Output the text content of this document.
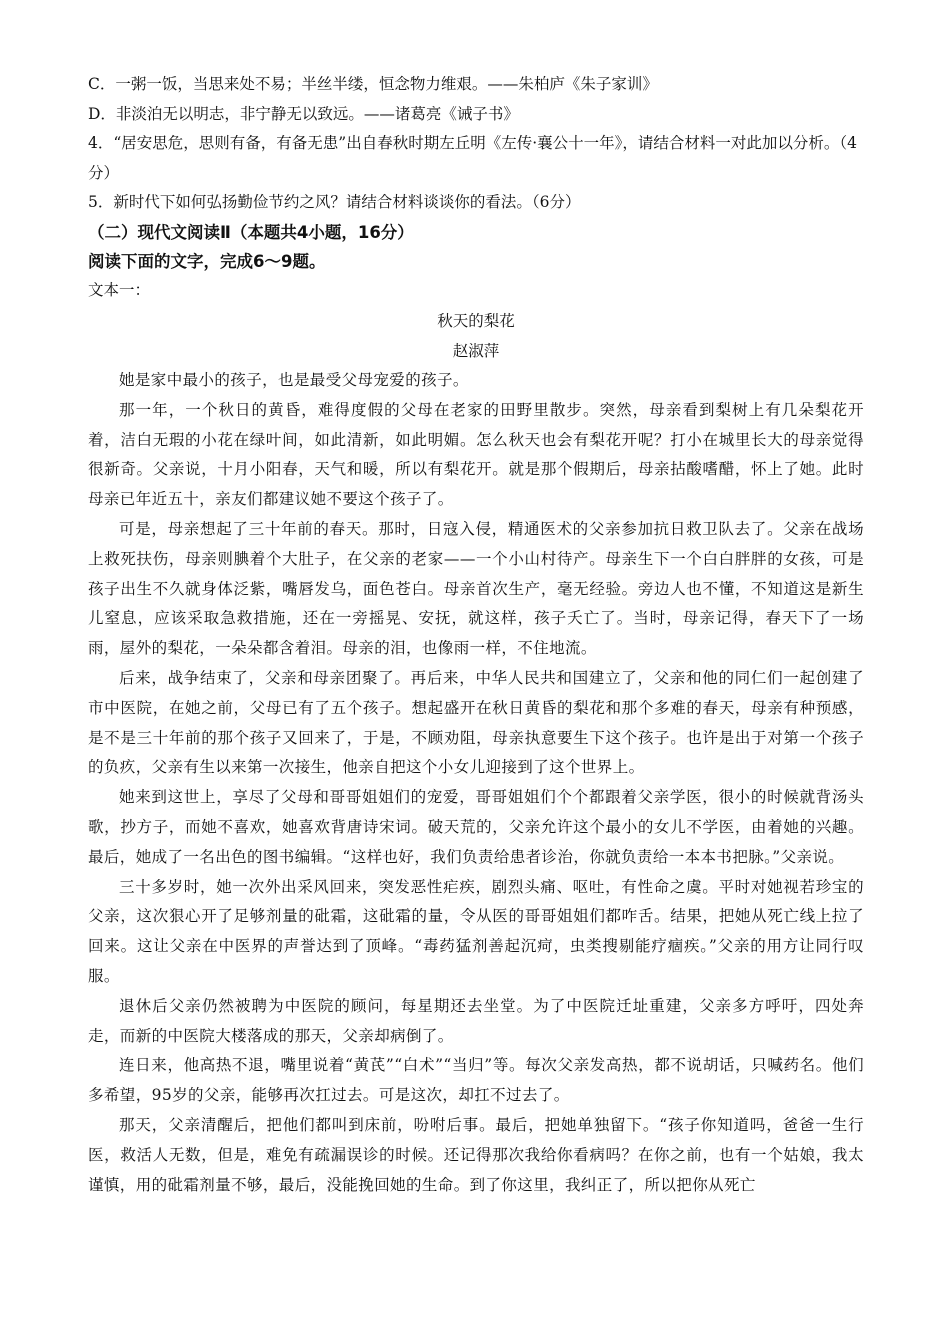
C．一粥一饭，当思来处不易；半丝半缕，恒念物力维艰。——朱柏庐《朱子家训》

D．非淡泊无以明志，非宁静无以致远。——诸葛亮《诫子书》

4．“居安思危，思则有备，有备无患”出自春秋时期左丘明《左传·襄公十一年》，请结合材料一对此加以分析。（4分）

5．新时代下如何弘扬勤俭节约之风？请结合材料谈谈你的看法。（6分）

（二）现代文阅读Ⅱ（本题共4小题，16分）

阅读下面的文字，完成6～9题。

文本一：

秋天的梨花

赵淑萍

她是家中最小的孩子，也是最受父母宠爱的孩子。

那一年，一个秋日的黄昏，难得度假的父母在老家的田野里散步。突然，母亲看到梨树上有几朵梨花开着，洁白无瑕的小花在绿叶间，如此清新，如此明媚。怎么秋天也会有梨花开呢？打小在城里长大的母亲觉得很新奇。父亲说，十月小阳春，天气和暖，所以有梨花开。就是那个假期后，母亲拈酸嗜醋，怀上了她。此时母亲已年近五十，亲友们都建议她不要这个孩子了。

可是，母亲想起了三十年前的春天。那时，日寇入侵，精通医术的父亲参加抗日救卫队去了。父亲在战场上救死扶伤，母亲则腆着个大肚子，在父亲的老家——一个小山村待产。母亲生下一个白白胖胖的女孩，可是孩子出生不久就身体泛紫，嘴唇发乌，面色苍白。母亲首次生产，毫无经验。旁边人也不懂，不知道这是新生儿窒息，应该采取急救措施，还在一旁摇晃、安抚，就这样，孩子夭亡了。当时，母亲记得，春天下了一场雨，屋外的梨花，一朵朵都含着泪。母亲的泪，也像雨一样，不住地流。

后来，战争结束了，父亲和母亲团聚了。再后来，中华人民共和国建立了，父亲和他的同仁们一起创建了市中医院，在她之前，父母已有了五个孩子。想起盛开在秋日黄昏的梨花和那个多难的春天，母亲有种预感，是不是三十年前的那个孩子又回来了，于是，不顾劝阻，母亲执意要生下这个孩子。也许是出于对第一个孩子的负疚，父亲有生以来第一次接生，他亲自把这个小女儿迎接到了这个世界上。

她来到这世上，享尽了父母和哥哥姐姐们的宠爱，哥哥姐姐们个个都跟着父亲学医，很小的时候就背汤头歌，抄方子，而她不喜欢，她喜欢背唐诗宋词。破天荒的，父亲允许这个最小的女儿不学医，由着她的兴趣。最后，她成了一名出色的图书编辑。“这样也好，我们负责给患者诊治，你就负责给一本本书把脉。”父亲说。

三十多岁时，她一次外出采风回来，突发恶性疟疾，剧烈头痛、呕吐，有性命之虞。平时对她视若珍宝的父亲，这次狠心开了足够剂量的砒霜，这砒霜的量，令从医的哥哥姐姐们都咋舌。结果，把她从死亡线上拉了回来。这让父亲在中医界的声誉达到了顶峰。“毒药猛剂善起沉疴，虫类搜剔能疗痼疾。”父亲的用方让同行叹服。

退休后父亲仍然被聘为中医院的顾问，每星期还去坐堂。为了中医院迁址重建，父亲多方呼吁，四处奔走，而新的中医院大楼落成的那天，父亲却病倒了。

连日来，他高热不退，嘴里说着“黄芪”“白术”“当归”等。每次父亲发高热，都不说胡话，只喊药名。他们多希望，95岁的父亲，能够再次扛过去。可是这次，却扛不过去了。

那天，父亲清醒后，把他们都叫到床前，吩咐后事。最后，把她单独留下。“孩子你知道吗，爸爸一生行医，救活人无数，但是，难免有疏漏误诊的时候。还记得那次我给你看病吗？在你之前，也有一个姑娘，我太谨慎，用的砒霜剂量不够，最后，没能挽回她的生命。到了你这里，我纠正了，所以把你从死亡
